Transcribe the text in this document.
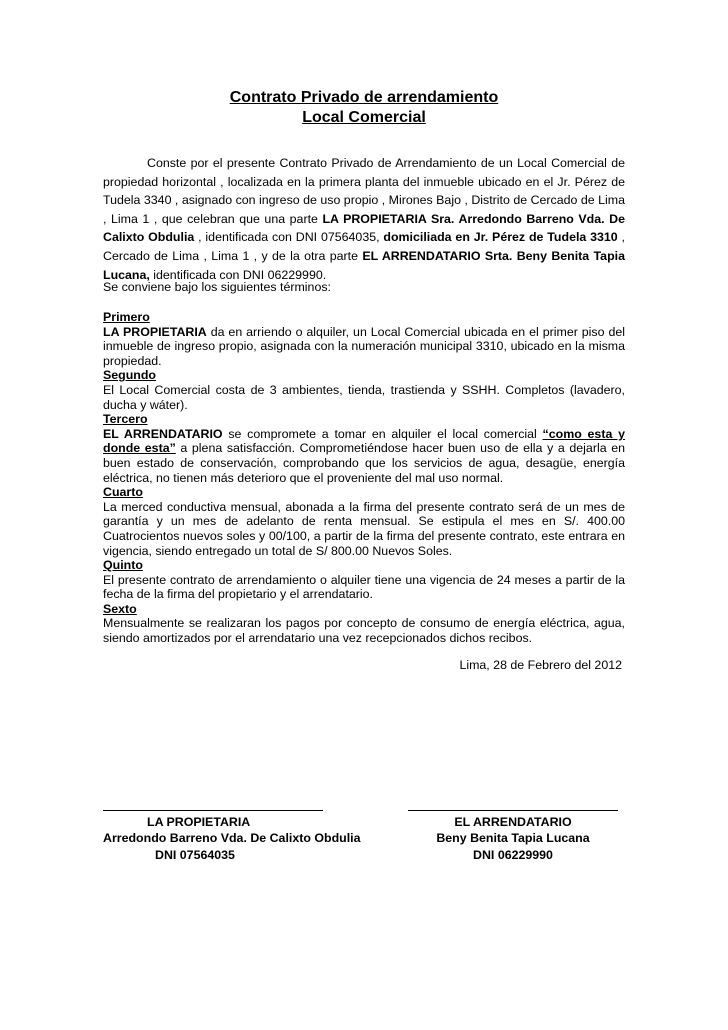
Contrato Privado de arrendamiento
Local Comercial

Conste por el presente Contrato Privado de Arrendamiento de un Local Comercial de propiedad horizontal , localizada en la primera planta del inmueble ubicado en el Jr. Pérez de Tudela 3340 , asignado con ingreso de uso propio , Mirones Bajo , Distrito de Cercado de Lima , Lima 1 , que celebran que una parte LA PROPIETARIA Sra. Arredondo Barreno Vda. De Calixto Obdulia , identificada con DNI 07564035, domiciliada en Jr. Pérez de Tudela 3310 , Cercado de Lima , Lima 1 , y de la otra parte EL ARRENDATARIO Srta. Beny Benita Tapia Lucana, identificada con DNI 06229990.

Se conviene bajo los siguientes términos:

Primero
LA PROPIETARIA da en arriendo o alquiler, un Local Comercial ubicada en el primer piso del inmueble de ingreso propio, asignada con la numeración municipal 3310, ubicado en la misma propiedad.

Segundo
El Local Comercial costa de 3 ambientes, tienda, trastienda y SSHH. Completos (lavadero, ducha y wáter).

Tercero
EL ARRENDATARIO se compromete a tomar en alquiler el local comercial “como esta y donde esta” a plena satisfacción. Comprometiéndose hacer buen uso de ella y a dejarla en buen estado de conservación, comprobando que los servicios de agua, desagüe, energía eléctrica, no tienen más deterioro que el proveniente del mal uso normal.

Cuarto
La merced conductiva mensual, abonada a la firma del presente contrato será de un mes de garantía y un mes de adelanto de renta mensual. Se estipula el mes en S/. 400.00 Cuatrocientos nuevos soles y 00/100, a partir de la firma del presente contrato, este entrara en vigencia, siendo entregado un total de S/ 800.00 Nuevos Soles.

Quinto
El presente contrato de arrendamiento o alquiler tiene una vigencia de 24 meses a partir de la fecha de la firma del propietario y el arrendatario.

Sexto
Mensualmente se realizaran los pagos por concepto de consumo de energía eléctrica, agua, siendo amortizados por el arrendatario una vez recepcionados dichos recibos.

Lima, 28 de Febrero del 2012
LA PROPIETARIA
Arredondo Barreno Vda. De Calixto Obdulia
DNI 07564035
EL ARRENDATARIO
Beny Benita Tapia Lucana
DNI 06229990
